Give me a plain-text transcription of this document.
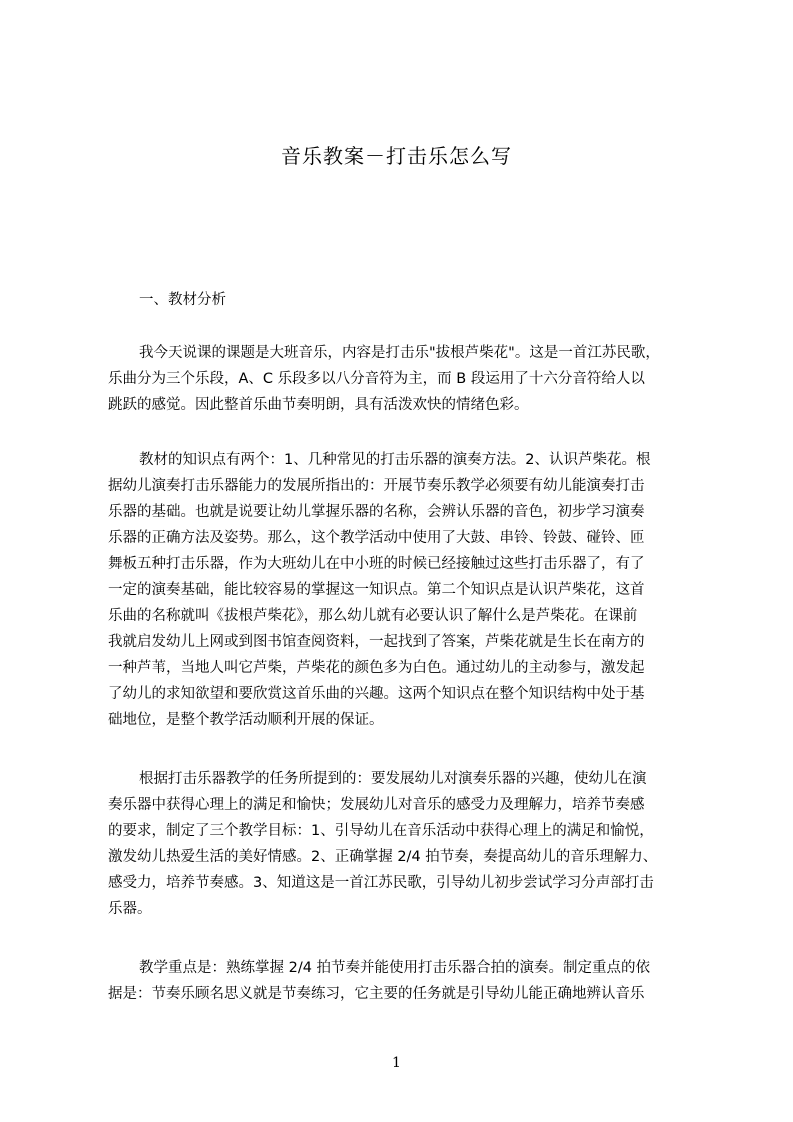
音乐教案－打击乐怎么写
一、教材分析
我今天说课的课题是大班音乐，内容是打击乐"拔根芦柴花"。这是一首江苏民歌，
乐曲分为三个乐段，A、C 乐段多以八分音符为主，而 B 段运用了十六分音符给人以
跳跃的感觉。因此整首乐曲节奏明朗，具有活泼欢快的情绪色彩。
教材的知识点有两个：1、几种常见的打击乐器的演奏方法。2、认识芦柴花。根
据幼儿演奏打击乐器能力的发展所指出的：开展节奏乐教学必须要有幼儿能演奏打击
乐器的基础。也就是说要让幼儿掌握乐器的名称，会辨认乐器的音色，初步学习演奏
乐器的正确方法及姿势。那么，这个教学活动中使用了大鼓、串铃、铃鼓、碰铃、匝
舞板五种打击乐器，作为大班幼儿在中小班的时候已经接触过这些打击乐器了，有了
一定的演奏基础，能比较容易的掌握这一知识点。第二个知识点是认识芦柴花，这首
乐曲的名称就叫《拔根芦柴花》，那么幼儿就有必要认识了解什么是芦柴花。在课前
我就启发幼儿上网或到图书馆查阅资料，一起找到了答案，芦柴花就是生长在南方的
一种芦苇，当地人叫它芦柴，芦柴花的颜色多为白色。通过幼儿的主动参与，激发起
了幼儿的求知欲望和要欣赏这首乐曲的兴趣。这两个知识点在整个知识结构中处于基
础地位，是整个教学活动顺利开展的保证。
根据打击乐器教学的任务所提到的：要发展幼儿对演奏乐器的兴趣，使幼儿在演
奏乐器中获得心理上的满足和愉快；发展幼儿对音乐的感受力及理解力，培养节奏感
的要求，制定了三个教学目标：1、引导幼儿在音乐活动中获得心理上的满足和愉悦，
激发幼儿热爱生活的美好情感。2、正确掌握 2/4 拍节奏，奏提高幼儿的音乐理解力、
感受力，培养节奏感。3、知道这是一首江苏民歌，引导幼儿初步尝试学习分声部打击
乐器。
教学重点是：熟练掌握 2/4 拍节奏并能使用打击乐器合拍的演奏。制定重点的依
据是：节奏乐顾名思义就是节奏练习，它主要的任务就是引导幼儿能正确地辨认音乐
1
